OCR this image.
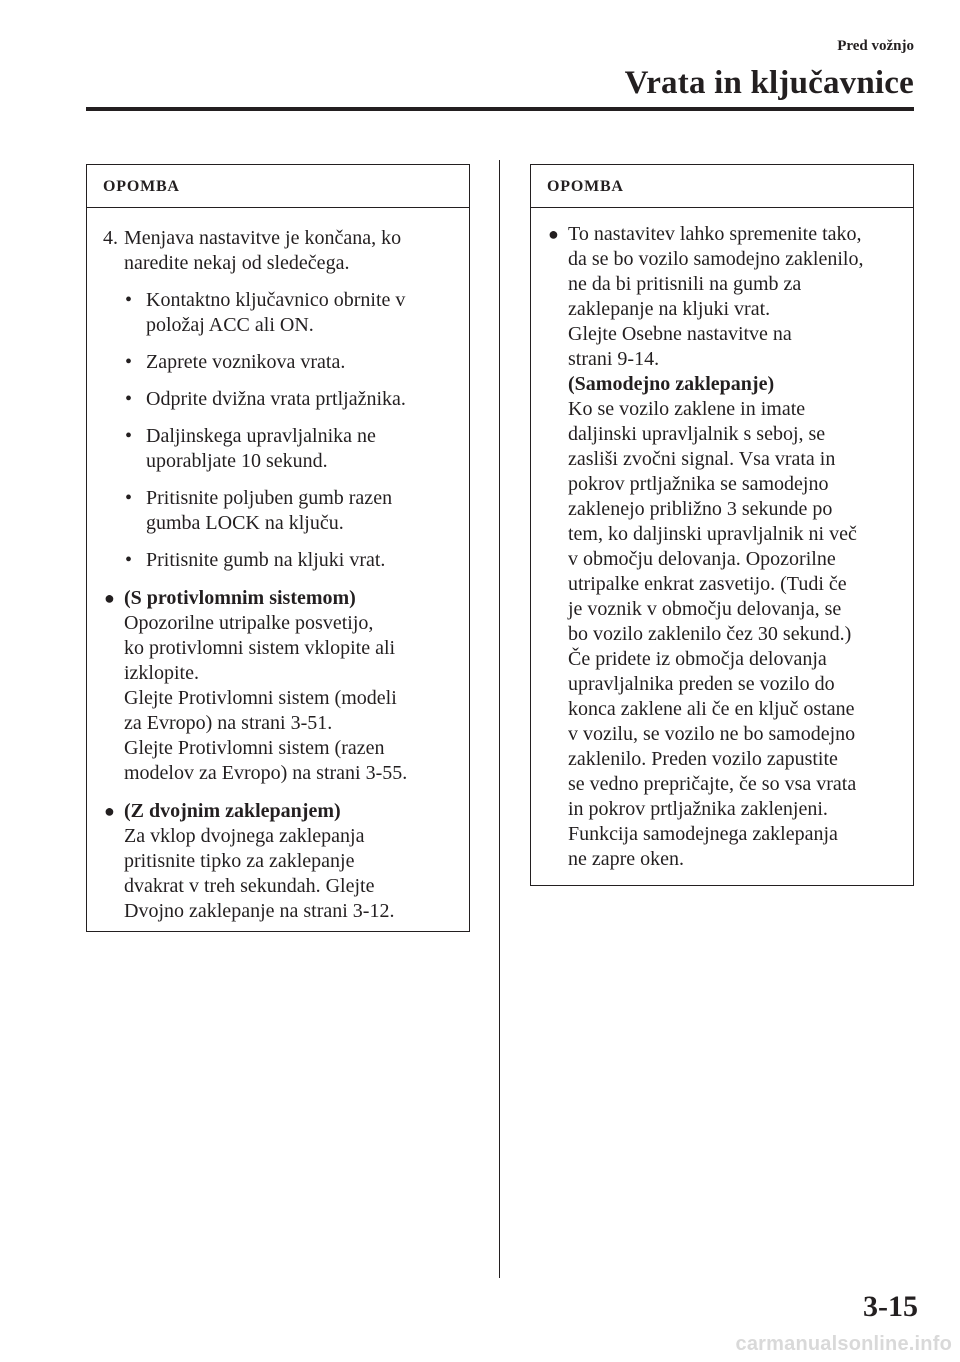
Pred vožnjo
Vrata in ključavnice
OPOMBA
4. Menjava nastavitve je končana, ko
naredite nekaj od sledečega.
• Kontaktno ključavnico obrnite v
položaj ACC ali ON.
• Zaprete voznikova vrata.
• Odprite dvižna vrata prtljažnika.
• Daljinskega upravljalnika ne
uporabljate 10 sekund.
• Pritisnite poljuben gumb razen
gumba LOCK na ključu.
• Pritisnite gumb na kljuki vrat.
● (S protivlomnim sistemom)
Opozorilne utripalke posvetijo,
ko protivlomni sistem vklopite ali
izklopite.
Glejte Protivlomni sistem (modeli
za Evropo) na strani 3-51.
Glejte Protivlomni sistem (razen
modelov za Evropo) na strani 3-55.
● (Z dvojnim zaklepanjem)
Za vklop dvojnega zaklepanja
pritisnite tipko za zaklepanje
dvakrat v treh sekundah. Glejte
Dvojno zaklepanje na strani 3-12.
OPOMBA
● To nastavitev lahko spremenite tako,
da se bo vozilo samodejno zaklenilo,
ne da bi pritisnili na gumb za
zaklepanje na kljuki vrat.
Glejte Osebne nastavitve na
strani 9-14.
(Samodejno zaklepanje)
Ko se vozilo zaklene in imate
daljinski upravljalnik s seboj, se
zasliši zvočni signal. Vsa vrata in
pokrov prtljažnika se samodejno
zaklenejo približno 3 sekunde po
tem, ko daljinski upravljalnik ni več
v območju delovanja. Opozorilne
utripalke enkrat zasvetijo. (Tudi če
je voznik v območju delovanja, se
bo vozilo zaklenilo čez 30 sekund.)
Če pridete iz območja delovanja
upravljalnika preden se vozilo do
konca zaklene ali če en ključ ostane
v vozilu, se vozilo ne bo samodejno
zaklenilo. Preden vozilo zapustite
se vedno prepričajte, če so vsa vrata
in pokrov prtljažnika zaklenjeni.
Funkcija samodejnega zaklepanja
ne zapre oken.
3-15
carmanualsonline.info
